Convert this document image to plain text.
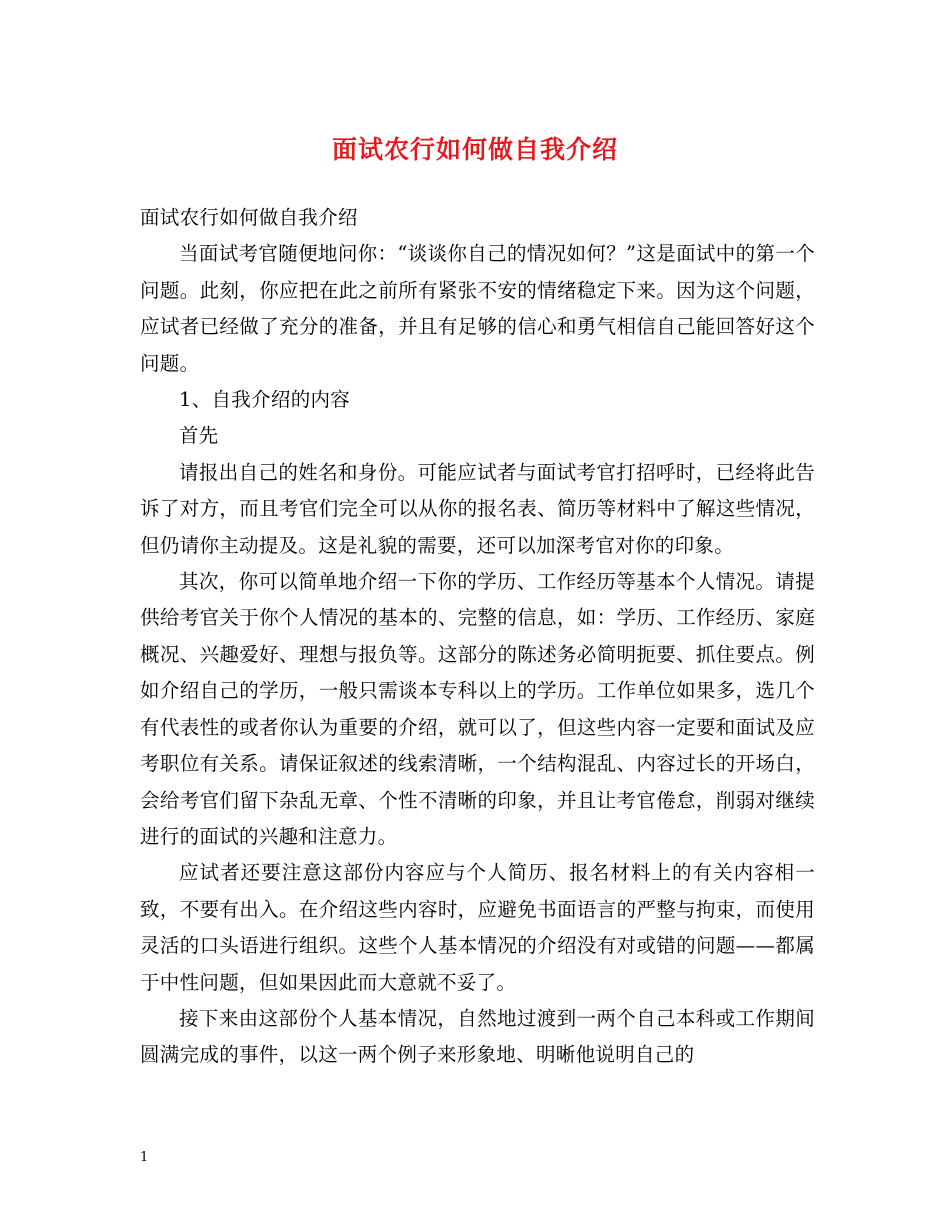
面试农行如何做自我介绍

面试农行如何做自我介绍

当面试考官随便地问你：“谈谈你自己的情况如何？”这是面试中的第一个问题。此刻，你应把在此之前所有紧张不安的情绪稳定下来。因为这个问题，应试者已经做了充分的准备，并且有足够的信心和勇气相信自己能回答好这个问题。

1、自我介绍的内容

首先

请报出自己的姓名和身份。可能应试者与面试考官打招呼时，已经将此告诉了对方，而且考官们完全可以从你的报名表、简历等材料中了解这些情况，但仍请你主动提及。这是礼貌的需要，还可以加深考官对你的印象。

其次，你可以简单地介绍一下你的学历、工作经历等基本个人情况。请提供给考官关于你个人情况的基本的、完整的信息，如：学历、工作经历、家庭概况、兴趣爱好、理想与报负等。这部分的陈述务必简明扼要、抓住要点。例如介绍自己的学历，一般只需谈本专科以上的学历。工作单位如果多，选几个有代表性的或者你认为重要的介绍，就可以了，但这些内容一定要和面试及应考职位有关系。请保证叙述的线索清晰，一个结构混乱、内容过长的开场白，会给考官们留下杂乱无章、个性不清晰的印象，并且让考官倦怠，削弱对继续进行的面试的兴趣和注意力。

应试者还要注意这部份内容应与个人简历、报名材料上的有关内容相一致，不要有出入。在介绍这些内容时，应避免书面语言的严整与拘束，而使用灵活的口头语进行组织。这些个人基本情况的介绍没有对或错的问题——都属于中性问题，但如果因此而大意就不妥了。

接下来由这部份个人基本情况，自然地过渡到一两个自己本科或工作期间圆满完成的事件，以这一两个例子来形象地、明晰他说明自己的

1
